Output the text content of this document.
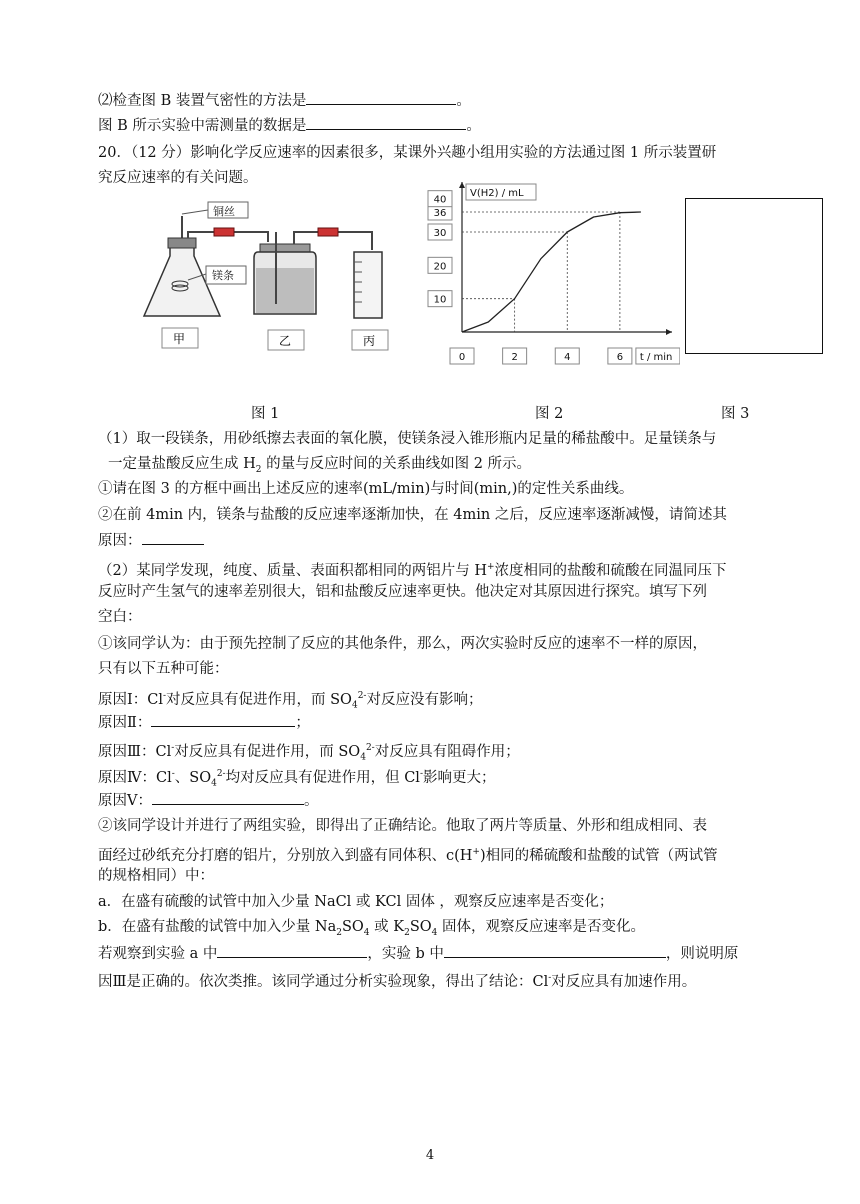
⑵检查图 B 装置气密性的方法是	。
图 B 所示实验中需测量的数据是	。
20．（12 分）影响化学反应速率的因素很多，某课外兴趣小组用实验的方法通过图 1 所示装置研
究反应速率的有关问题。
铜丝
镁条
甲	乙	丙
10
20
30
36
40
0	2	4	6
V(H2) / mL
t / min
图 1	图 2	图 3
（1）取一段镁条，用砂纸擦去表面的氧化膜，使镁条浸入锥形瓶内足量的稀盐酸中。足量镁条与
一定量盐酸反应生成 $H_2$ 的量与反应时间的关系曲线如图 2 所示。
①请在图 3 的方框中画出上述反应的速率(mL/min)与时间(min,)的定性关系曲线。
②在前 4min 内，镁条与盐酸的反应速率逐渐加快，在 4min 之后，反应速率逐渐减慢，请简述其
原因：
（2）某同学发现，纯度、质量、表面积都相同的两铝片与 H+浓度相同的盐酸和硫酸在同温同压下
反应时产生氢气的速率差别很大，铝和盐酸反应速率更快。他决定对其原因进行探究。填写下列
空白：
①该同学认为：由于预先控制了反应的其他条件，那么，两次实验时反应的速率不一样的原因，
只有以下五种可能：
原因Ⅰ：Cl-对反应具有促进作用，而 $SO_4^{2-}$对反应没有影响；
原因Ⅱ：	；
原因Ⅲ：Cl-对反应具有促进作用，而 $SO_4^{2-}$对反应具有阻碍作用；
原因Ⅳ：Cl-、$SO_4^{2-}$均对反应具有促进作用，但 Cl-影响更大；
原因Ⅴ：	。
②该同学设计并进行了两组实验，即得出了正确结论。他取了两片等质量、外形和组成相同、表
面经过砂纸充分打磨的铝片，分别放入到盛有同体积、c(H+)相同的稀硫酸和盐酸的试管（两试管
的规格相同）中：
a．在盛有硫酸的试管中加入少量 NaCl 或 KCl 固体 ，观察反应速率是否变化；
b．在盛有盐酸的试管中加入少量 $Na_2SO_4$ 或 $K_2SO_4$ 固体，观察反应速率是否变化。
若观察到实验 a 中	，实验 b 中	，则说明原
因Ⅲ是正确的。依次类推。该同学通过分析实验现象，得出了结论：Cl-对反应具有加速作用。
4
